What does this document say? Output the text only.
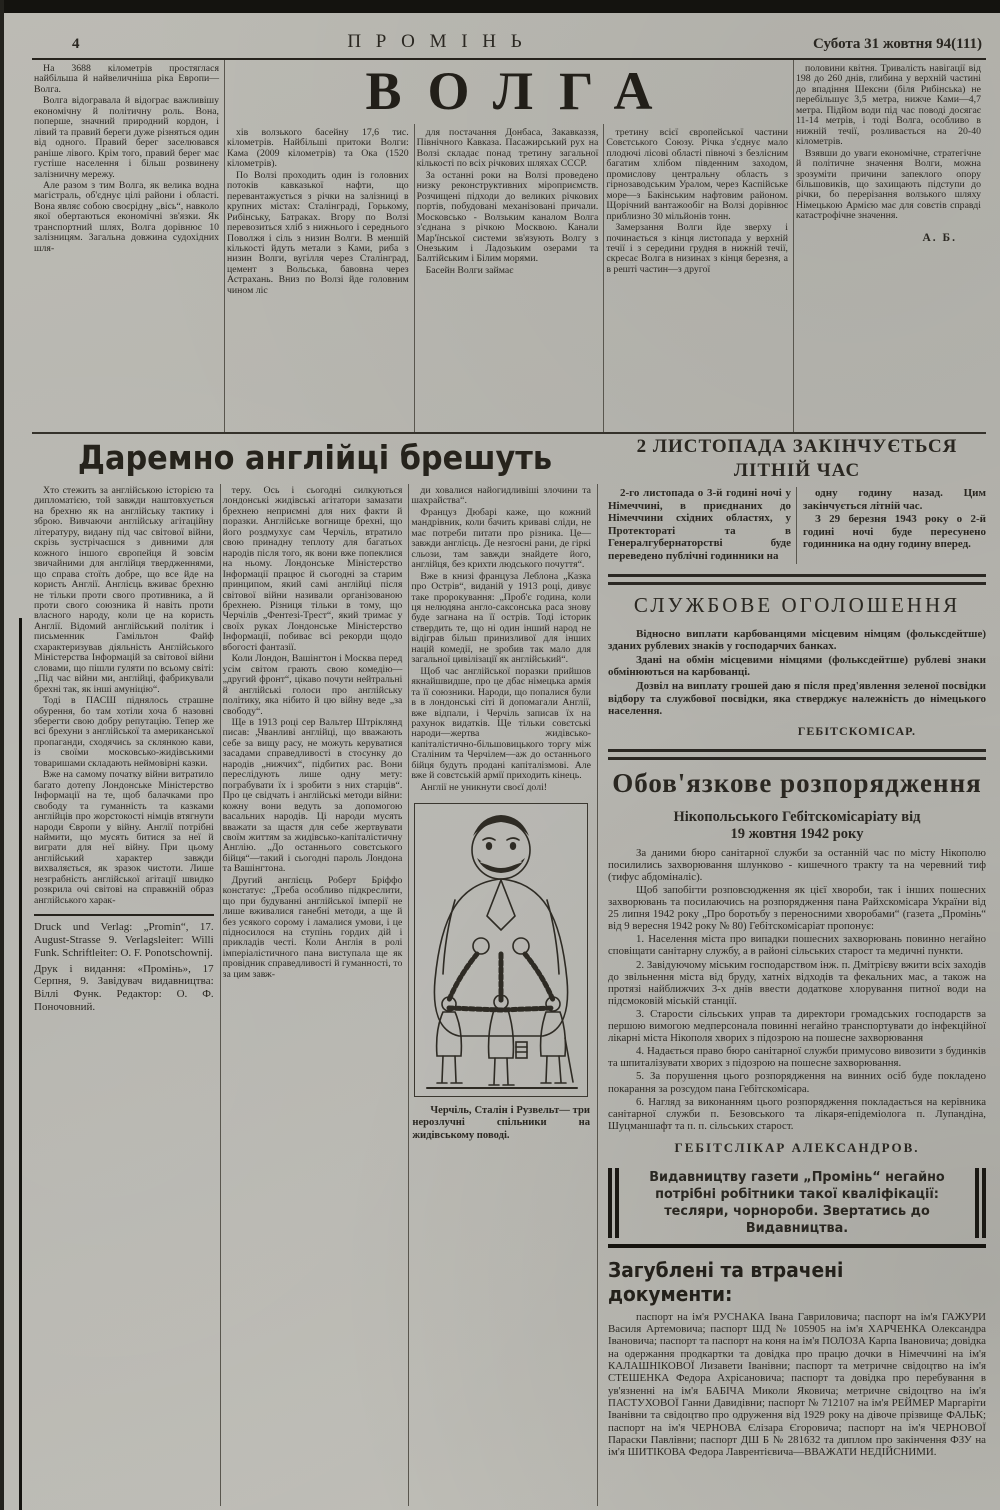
4	П Р О М І Н Ь	Субота 31 жовтня 94(111)

На 3688 кілометрів простяглася найбільша й найвеличніша ріка Европи— Волга.

Волга відогравала й відограє важливішу економічну й політичну роль. Вона, поперше, значний природний кордон, і лівий та правий береги дуже різняться один від одного. Правий берег заселювався раніше лівого. Крім того, правий берег має густіше населення і більш розвинену залізничну мережу.

Але разом з тим Волга, як велика водна магістраль, об'єднує цілі райони і області. Вона являє собою своєрідну „вісь“, навколо якої обертаються економічні зв'язки. Як транспортний шлях, Волга дорівнює 10 залізницям. Загальна довжина судохідних шля-

ВОЛГА

хів волзького басейну 17,6 тис. кілометрів. Найбільші притоки Волги: Кама (2009 кілометрів) та Ока (1520 кілометрів).

По Волзі проходить один із головних потоків кавказької нафти, що перевантажується з річки на залізниці в крупних містах: Сталінграді, Горькому, Рибінську, Батраках. Вгору по Волзі перевозиться хліб з нижнього і середнього Поволжя і сіль з низин Волги. В меншій кількості йдуть метали з Ками, риба з низин Волги, вугілля через Сталінград, цемент з Вольська, бавовна через Астрахань. Вниз по Волзі йде головним чином ліс

для постачання Донбаса, Закавказзя, Північного Кавказа. Пасажирський рух на Волзі складає понад третину загальної кількості по всіх річкових шляхах СССР.

За останні роки на Волзі проведено низку реконструктивних міроприємств. Розчищені підходи до великих річкових портів, побудовані механізовані причали. Московсько - Волзьким каналом Волга з'єднана з річкою Москвою. Канали Мар'їнської системи зв'язують Волгу з Онезьким і Ладозьким озерами та Балтійським і Білим морями.

Басейн Волги займає

третину всієї європейської частини Совєтського Союзу. Річка з'єднує мало плодючі лісові області півночі з безлісним багатим хлібом південним заходом, промислову центральну область з гірнозаводським Уралом, через Каспійське море—з Бакінським нафтовим районом. Щорічний вантажообіг на Волзі дорівнює приблизно 30 мільйонів тонн.

Замерзання Волги йде зверху і починається з кінця листопада у верхній течії і з середини грудня в нижній течії, скресає Волга в низинах з кінця березня, а в решті частин—з другої

половини квітня. Тривалість навігації від 198 до 260 днів, глибина у верхній частині до впадіння Шексни (біля Рибінська) не перебільшує 3,5 метра, нижче Ками—4,7 метра. Підйом води під час поводі досягає 11-14 метрів, і тоді Волга, особливо в нижній течії, розливається на 20-40 кілометрів.

Взявши до уваги економічне, стратегічне й політичне значення Волги, можна зрозуміти причини запеклого опору більшовиків, що захищають підступи до річки, бо перерізання волзького шляху Німецькою Армією має для совєтів справді катастрофічне значення.

А. Б.
Даремно англійці брешуть

Хто стежить за англійською історією та дипломатією, той завжди наштовхується на брехню як на англійську тактику і зброю. Вивчаючи англійську агітаційну літературу, видану під час світової війни, скрізь зустрічаєшся з дивними для кожного іншого європейця й зовсім звичайними для англійця твердженнями, що справа стоїть добре, що все йде на користь Англії. Англієць вживає брехню не тільки проти свого противника, а й проти свого союзника й навіть проти власного народу, коли це на користь Англії. Відомий англійський політик і письменник Гамільтон Файф схарактеризував діяльність Англійського Міністерства Інформацій за світової війни словами, що пішли гуляти по всьому світі: „Під час війни ми, англійці, фабрикували брехні так, як інші амуніцію“.

Тоді в ПАСШ піднялось страшне обурення, бо там хотіли хоча б назовні зберегти свою добру репутацію. Тепер же всі брехуни з англійської та американської пропаганди, сходячись за склянкою кави, із своїми московсько-жидівськими товаришами складають неймовірні казки.

Вже на самому початку війни витратило багато дотепу Лондонське Міністерство Інформації на те, щоб балачками про свободу та гуманність та казками англійців про жорстокості німців втягнути народи Європи у війну. Англії потрібні наймити, що мусять битися за неї й виграти для неї війну. При цьому англійський характер завжди вихваляється, як зразок чистоти. Лише незграбність англійської агітації швидко розкрила очі світові на справжній образ англійського харак-

Druck und Verlag: „Promin“, 17. August-Strasse 9. Verlagsleiter: Willi Funk. Schriftleiter: O. F. Ponotschownij.

Друк і видання: «Промінь», 17 Серпня, 9. Завідувач видавництва: Віллі Функ. Редактор: О. Ф. Поночовний.

теру. Ось і сьогодні силкуються лондонські жидівські агітатори замазати брехнею неприємні для них факти й поразки. Англійське вогнище брехні, що його роздмухує сам Черчіль, втратило свою принадну теплоту для багатьох народів після того, як вони вже попеклися на ньому. Лондонське Міністерство Інформації працює й сьогодні за старим принципом, який самі англійці після світової війни називали організованою брехнею. Різниця тільки в тому, що Черчілів „Фентезі-Трест“, який тримає у своїх руках Лондонське Міністерство Інформації, побиває всі рекорди щодо вбогості фантазії.

Коли Лондон, Вашінгтон і Москва перед усім світом грають свою комедію—„другий фронт“, цікаво почути нейтральні й англійські голоси про англійську політику, яка нібито й цю війну веде „за свободу“.

Ще в 1913 році сер Вальтер Штріклянд писав: „Чванливі англійці, що вважають себе за вищу расу, не можуть керуватися засадами справедливості в стосунку до народів „нижчих“, підбитих рас. Вони переслідують лише одну мету: пограбувати їх і зробити з них старців“. Про це свідчать і англійські методи війни: кожну вони ведуть за допомогою васальних народів. Ці народи мусять вважати за щастя для себе жертвувати своїм життям за жидівсько-капіталістичну Англію. „До останнього совєтського бійця“—такий і сьогодні пароль Лондона та Вашінгтона.

Другий англієць Роберт Бріффо констатує: „Треба особливо підкреслити, що при будуванні англійської імперії не лише вживалися ганебні методи, а ще й без усякого сорому і ламалися умови, і це підносилося на ступінь гордих дій і прикладів честі. Коли Англія в ролі імперіалістичного пана виступала ще як провідник справедливості й гуманності, то за цим завж-

ди ховалися найогидливіші злочини та шахрайства“.

Француз Дюбарі каже, що кожний мандрівник, коли бачить криваві сліди, не має потреби питати про різника. Це—завжди англієць. Де незгоєні рани, де гіркі сльози, там завжди знайдете його, англійця, без крихти людського почуття“.

Вже в книзі француза Леблона „Казка про Острів“, виданій у 1913 році, дивує таке пророкування: „Проб'є година, коли ця нелюдяна англо-саксонська раса знову буде загнана на її острів. Тоді історик ствердить те, що ні один інший народ не відіграв більш принизливої для інших націй комедії, не зробив так мало для загальної цивілізації як англійський“.

Щоб час англійської поразки прийшов якнайшвидше, про це дбає німецька армія та її союзники. Народи, що попалися були в в лондонські сіті й допомагали Англії, вже відпали, і Черчіль записав їх на рахунок видатків. Ще тільки совєтські народи—жертва жидівсько-капіталістично-більшовицького торгу між Сталіним та Черчілем—аж до останнього бійця будуть продані капіталізмові. Але вже й совєтській армії приходить кінець.

Англії не уникнути своєї долі!

Черчіль, Сталін і Рузвельт— три нерозлучні спільники на жидівському поводі.
2 ЛИСТОПАДА ЗАКІНЧУЄТЬСЯ
ЛІТНІЙ ЧАС

2-го листопада о 3-й годині ночі у Німеччині, в приєднаних до Німеччини східних областях, у Протектораті та в Генералгубернаторстві буде переведено публічні годинники на

одну годину назад. Цим закінчується літній час.

З 29 березня 1943 року о 2-й годині ночі буде пересунено годинника на одну годину вперед.

СЛУЖБОВЕ ОГОЛОШЕННЯ

Відносно виплати карбованцями місцевим німцям (фольксдейтше) зданих рублевих знаків у господарчих банках.

Здані на обмін місцевими німцями (фольксдейтше) рублеві знаки обмінюються на карбованці.

Дозвіл на виплату грошей даю я після пред'явлення зеленої посвідки відбору та службової посвідки, яка стверджує належність до німецького населення.

ГЕБІТСКОМІСАР.
Обов'язкове розпорядження
Нікопольського Гебітскомісаріату від
19 жовтня 1942 року

За даними бюро санітарної служби за останній час по місту Нікополю посилились захворювання шлунково - кишечного тракту та на черевний тиф (тифус абдоміналіс).

Щоб запобігти розповсюдження як цієї хвороби, так і інших пошесних захворювань та посилаючись на розпорядження пана Райхскомісара України від 25 липня 1942 року „Про боротьбу з переносними хворобами“ (газета „Промінь“ від 9 вересня 1942 року № 80) Гебітскомісаріат пропонує:

1. Населення міста про випадки пошесних захворювань повинно негайно сповіщати санітарну службу, а в районі сільських старост та медичні пункти.

2. Завідуючому міським господарством інж. п. Дмітрієву вжити всіх заходів до звільнення міста від бруду, хатніх відходів та фекальних мас, а також на протязі найближчих 3-х днів ввести додаткове хлорування питної води на підсмоковій міській станції.

3. Старости сільських управ та директори громадських господарств за першою вимогою медперсонала повинні негайно транспортувати до інфекційної лікарні міста Нікополя хворих з підозрою на пошесне захворювання

4. Надається право бюро санітарної служби примусово вивозити з будинків та шпиталізувати хворих з підозрою на пошесне захворювання.

5. За порушення цього розпорядження на винних осіб буде покладено покарання за розсудом пана Гебітскомісара.

6. Нагляд за виконанням цього розпорядження покладається на керівника санітарної служби п. Безовського та лікаря-епідеміолога п. Лупандіна, Шуцманшафт та п. п. сільських старост.

ГЕБІТСЛІКАР АЛЕКСАНДРОВ.
Видавництву газети „Промінь“ негайно потрібні робітники такої кваліфікації: тесляри, чорнороби. Звертатись до Видавництва.
Загублені та втрачені документи:

паспорт на ім'я РУСНАКА Івана Гавриловича; паспорт на ім'я ГАЖУРИ Василя Артемовича; паспорт ШД № 105905 на ім'я ХАРЧЕНКА Олександра Івановича; паспорт та паспорт на коня на ім'я ПОЛОЗА Карпа Івановича; довідка на одержання продкартки та довідка про працю дочки в Німеччині на ім'я КАЛАШНІКОВОЇ Лизавети Іванівни; паспорт та метричне свідоцтво на ім'я СТЕШЕНКА Федора Ахрісановича; паспорт та довідка про перебування в ув'язненні на ім'я БАБІЧА Миколи Яковича; метричне свідоцтво на ім'я ПАСТУХОВОЇ Ганни Давидівни; паспорт № 712107 на ім'я РЕЙМЕР Маргаріти Іванівни та свідоцтво про одруження від 1929 року на дівоче прізвище ФАЛЬК; паспорт на ім'я ЧЕРНОВА Єлізара Єгоровича; паспорт на ім'я ЧЕРНОВОЇ Параски Павлівни; паспорт ДШ Б № 281632 та диплом про закінчення ФЗУ на ім'я ШИТІКОВА Федора Лаврентієвича—ВВАЖАТИ НЕДІЙСНИМИ.
